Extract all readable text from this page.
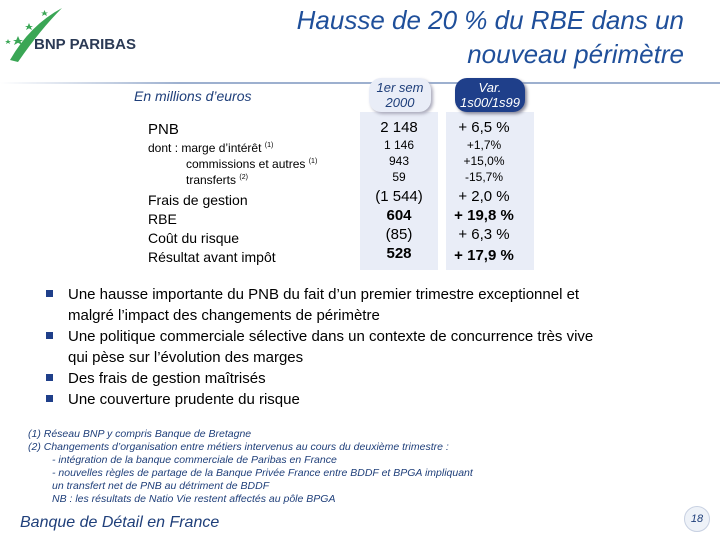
BNP PARIBAS
Hausse de 20 % du RBE dans un
nouveau périmètre
En millions d’euros
1er sem
2000
Var.
1s00/1s99
PNB	2 148	+ 6,5 %
dont : marge d’intérêt $^{(1)}$	1 146	+1,7%
commissions et autres $^{(1)}$	943	+15,0%
transferts $^{(2)}$	59	-15,7%
Frais de gestion	(1 544)	+ 2,0 %
RBE	604	+ 19,8 %
Coût du risque	(85)	+ 6,3 %
Résultat avant impôt	528	+ 17,9 %
Une hausse importante du PNB du fait d’un premier trimestre exceptionnel et
malgré l’impact des changements de périmètre
Une politique commerciale sélective dans un contexte de concurrence très vive
qui pèse sur l’évolution des marges
Des frais de gestion maîtrisés
Une couverture prudente du risque
(1) Réseau BNP y compris Banque de Bretagne
(2) Changements d’organisation entre métiers intervenus au cours du deuxième trimestre :
- intégration de la banque commerciale de Paribas en France
- nouvelles règles de partage de la Banque Privée France entre BDDF et BPGA impliquant
un transfert net de PNB au détriment de BDDF
NB : les résultats de Natio Vie restent affectés au pôle BPGA
Banque de Détail en France	18
